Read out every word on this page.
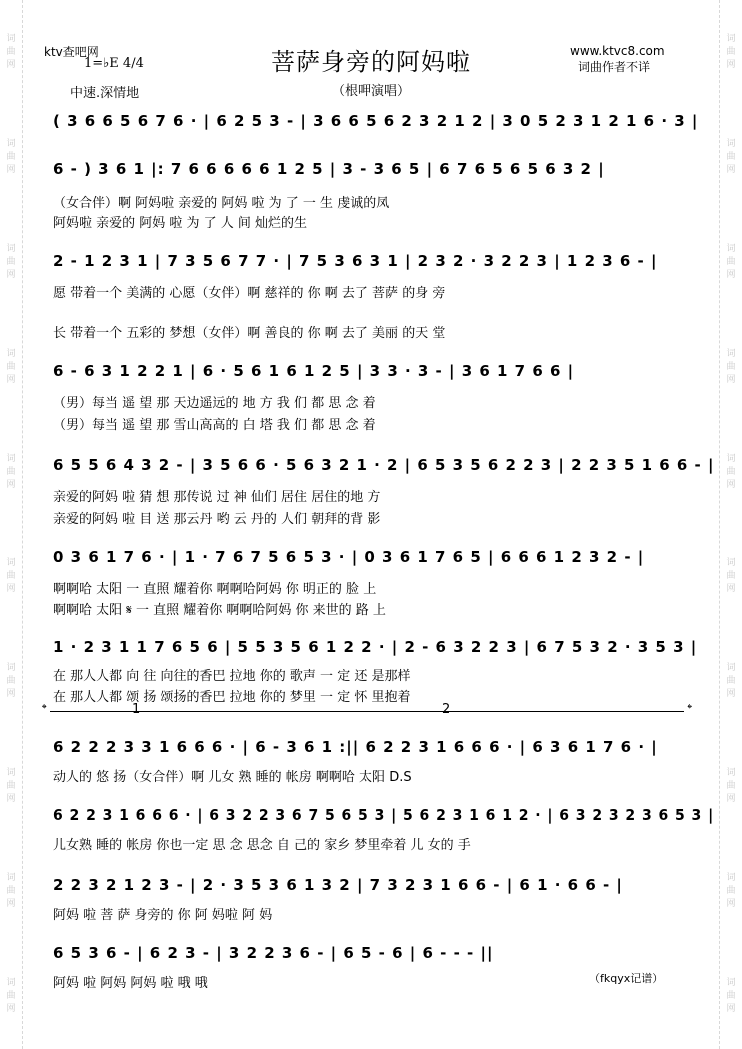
词
曲
网
词
曲
网
词
曲
网
词
曲
网
词
曲
网
词
曲
网
词
曲
网
词
曲
网
词
曲
网
词
曲
网
词
曲
网
词
曲
网
词
曲
网
词
曲
网
词
曲
网
词
曲
网
词
曲
网
词
曲
网
词
曲
网
词
曲
网
ktv查吧网
1=♭E 4/4
中速.深情地
菩萨身旁的阿妈啦
（根呷演唱）
www.ktvc8.com
词曲作者不详
( 3 6 6 5 6 7 6 · | 6 2 5 3 - | 3 6 6 5 6 2 3 2 1 2 | 3 0 5 2 3 1 2 1 6 · 3 |
6 - ) 3 6 1 |: 7 6 6 6 6 6 1 2 5 | 3 - 3 6 5 | 6 7 6 5 6 5 6 3 2 |
（女合伴）啊 阿妈啦 亲爱的 阿妈 啦 为 了 一 生 虔诚的凤
阿妈啦 亲爱的 阿妈 啦 为 了 人 间 灿烂的生
2 - 1 2 3 1 | 7 3 5 6 7 7 · | 7 5 3 6 3 1 | 2 3 2 · 3 2 2 3 | 1 2 3 6 - |
愿 带着一个 美满的 心愿（女伴）啊 慈祥的 你 啊 去了 菩萨 的身 旁
长 带着一个 五彩的 梦想（女伴）啊 善良的 你 啊 去了 美丽 的天 堂
6 - 6 3 1 2 2 1 | 6 · 5 6 1 6 1 2 5 | 3 3 · 3 - | 3 6 1 7 6 6 |
（男）每当 遥 望 那 天边遥远的 地 方 我 们 都 思 念 着
（男）每当 遥 望 那 雪山高高的 白 塔 我 们 都 思 念 着
6 5 5 6 4 3 2 - | 3 5 6 6 · 5 6 3 2 1 · 2 | 6 5 3 5 6 2 2 3 | 2 2 3 5 1 6 6 - |
亲爱的阿妈 啦 猜 想 那传说 过 神 仙们 居住 居住的地 方
亲爱的阿妈 啦 目 送 那云丹 哟 云 丹的 人们 朝拜的背 影
0 3 6 1 7 6 · | 1 · 7 6 7 5 6 5 3 · | 0 3 6 1 7 6 5 | 6 6 6 1 2 3 2 - |
啊啊哈 太阳 一 直照 耀着你 啊啊哈阿妈 你 明正的 脸 上
啊啊哈 太阳 𝄋 一 直照 耀着你 啊啊哈阿妈 你 来世的 路 上
1 · 2 3 1 1 7 6 5 6 | 5 5 3 5 6 1 2 2 · | 2 - 6 3 2 2 3 | 6 7 5 3 2 · 3 5 3 |
在 那人人都 向 往 向往的香巴 拉地 你的 歌声 一 定 还 是那样
在 那人人都 颂 扬 颂扬的香巴 拉地 你的 梦里 一 定 怀 里抱着
𝄌	1	2	𝄌
6 2 2 2 3 3 1 6 6 6 · | 6 - 3 6 1 :|| 6 2 2 3 1 6 6 6 · | 6 3 6 1 7 6 · |
动人的 悠 扬（女合伴）啊 儿女 熟 睡的 帐房 啊啊哈 太阳 D.S
6 2 2 3 1 6 6 6 · | 6 3 2 2 3 6 7 5 6 5 3 | 5 6 2 3 1 6 1 2 · | 6 3 2 3 2 3 6 5 3 |
儿女熟 睡的 帐房 你也一定 思 念 思念 自 己的 家乡 梦里牵着 儿 女的 手
2 2 3 2 1 2 3 - | 2 · 3 5 3 6 1 3 2 | 7 3 2 3 1 6 6 - | 6 1 · 6 6 - |
阿妈 啦 菩 萨 身旁的 你 阿 妈啦 阿 妈
6 5 3 6 - | 6 2 3 - | 3 2 2 3 6 - | 6 5 - 6 | 6 - - - ||
阿妈 啦 阿妈 阿妈 啦 哦 哦	（fkqyx记谱）
